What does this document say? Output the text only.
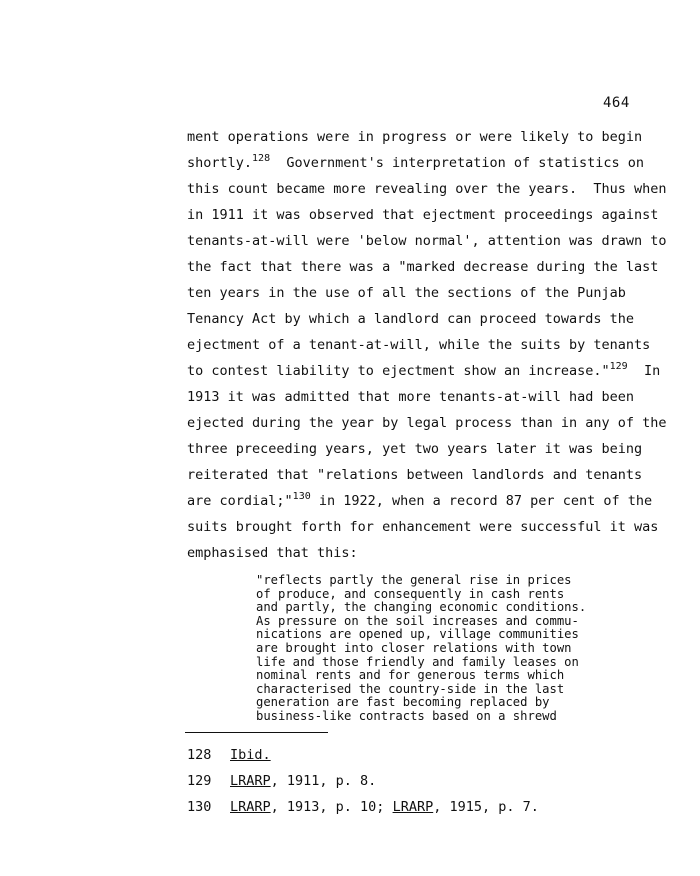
464
ment operations were in progress or were likely to begin
shortly.$^{128}$  Government's interpretation of statistics on
this count became more revealing over the years.  Thus when
in 1911 it was observed that ejectment proceedings against
tenants-at-will were 'below normal', attention was drawn to
the fact that there was a "marked decrease during the last
ten years in the use of all the sections of the Punjab
Tenancy Act by which a landlord can proceed towards the
ejectment of a tenant-at-will, while the suits by tenants
to contest liability to ejectment show an increase."$^{129}$  In
1913 it was admitted that more tenants-at-will had been
ejected during the year by legal process than in any of the
three preceeding years, yet two years later it was being
reiterated that "relations between landlords and tenants
are cordial;"$^{130}$ in 1922, when a record 87 per cent of the
suits brought forth for enhancement were successful it was
emphasised that this:
"reflects partly the general rise in prices
of produce, and consequently in cash rents
and partly, the changing economic conditions.
As pressure on the soil increases and commu-
nications are opened up, village communities
are brought into closer relations with town
life and those friendly and family leases on
nominal rents and for generous terms which
characterised the country-side in the last
generation are fast becoming replaced by
business-like contracts based on a shrewd
128 Ibid.
129 LRARP, 1911, p. 8.
130 LRARP, 1913, p. 10; LRARP, 1915, p. 7.
